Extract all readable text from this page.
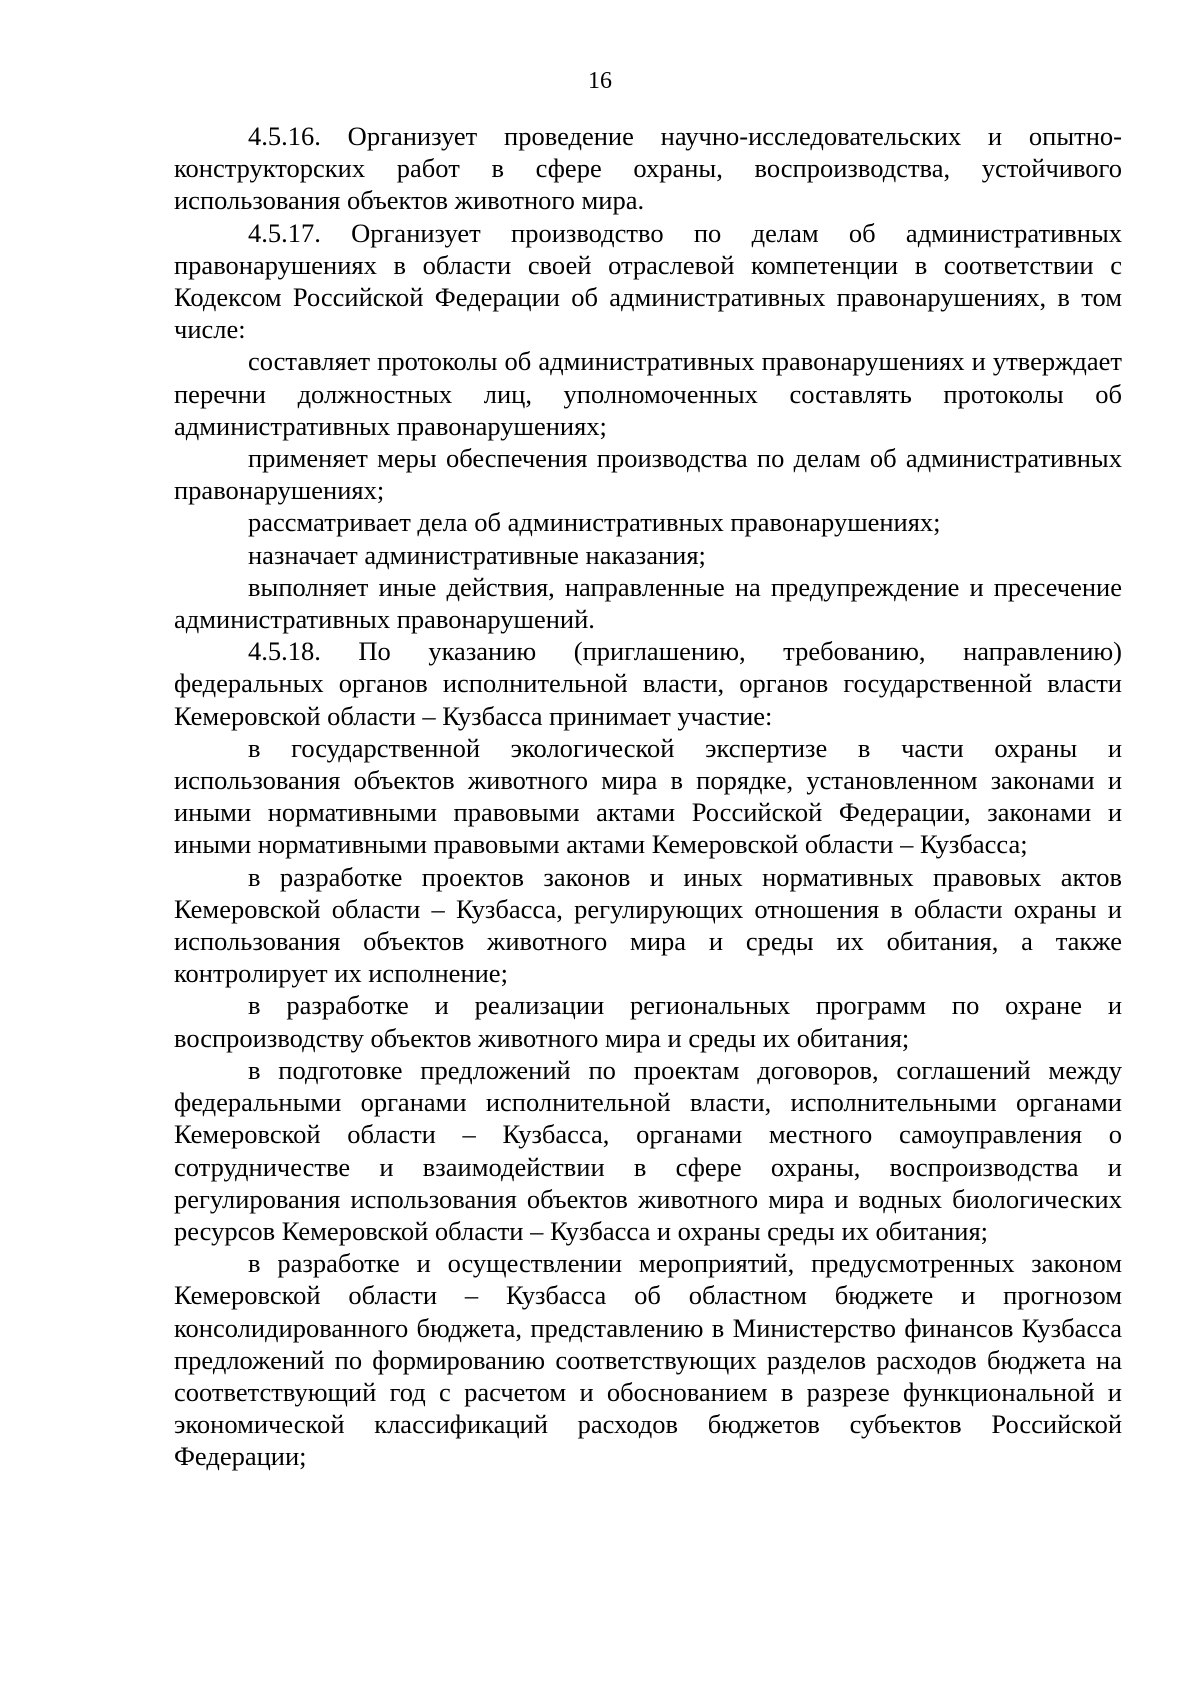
16

4.5.16. Организует проведение научно-исследовательских и опытно-конструкторских работ в сфере охраны, воспроизводства, устойчивого использования объектов животного мира.

4.5.17. Организует производство по делам об административных правонарушениях в области своей отраслевой компетенции в соответствии с Кодексом Российской Федерации об административных правонарушениях, в том числе:

составляет протоколы об административных правонарушениях и утверждает перечни должностных лиц, уполномоченных составлять протоколы об административных правонарушениях;

применяет меры обеспечения производства по делам об административных правонарушениях;

рассматривает дела об административных правонарушениях;

назначает административные наказания;

выполняет иные действия, направленные на предупреждение и пресечение административных правонарушений.

4.5.18. По указанию (приглашению, требованию, направлению) федеральных органов исполнительной власти, органов государственной власти Кемеровской области – Кузбасса принимает участие:

в государственной экологической экспертизе в части охраны и использования объектов животного мира в порядке, установленном законами и иными нормативными правовыми актами Российской Федерации, законами и иными нормативными правовыми актами Кемеровской области – Кузбасса;

в разработке проектов законов и иных нормативных правовых актов Кемеровской области – Кузбасса, регулирующих отношения в области охраны и использования объектов животного мира и среды их обитания, а также контролирует их исполнение;

в разработке и реализации региональных программ по охране и воспроизводству объектов животного мира и среды их обитания;

в подготовке предложений по проектам договоров, соглашений между федеральными органами исполнительной власти, исполнительными органами Кемеровской области – Кузбасса, органами местного самоуправления о сотрудничестве и взаимодействии в сфере охраны, воспроизводства и регулирования использования объектов животного мира и водных биологических ресурсов Кемеровской области – Кузбасса и охраны среды их обитания;

в разработке и осуществлении мероприятий, предусмотренных законом Кемеровской области – Кузбасса об областном бюджете и прогнозом консолидированного бюджета, представлению в Министерство финансов Кузбасса предложений по формированию соответствующих разделов расходов бюджета на соответствующий год с расчетом и обоснованием в разрезе функциональной и экономической классификаций расходов бюджетов субъектов Российской Федерации;
